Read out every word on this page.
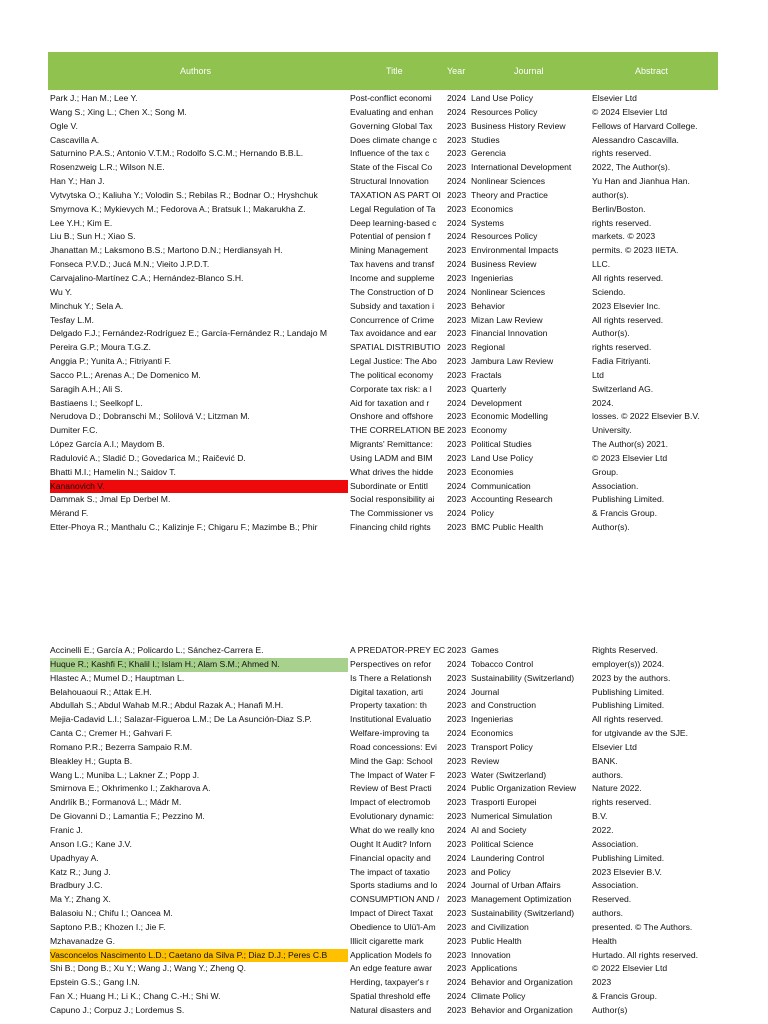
Authors	Title	Year	Journal	Abstract
Park J.; Han M.; Lee Y.	Post-conflict economi	2024 Land Use Policy	Elsevier Ltd
Wang S.; Xing L.; Chen X.; Song M.	Evaluating and enhan	2024 Resources Policy	© 2024 Elsevier Ltd
Ogle V.	Governing Global Tax	2023 Business History Review	Fellows of Harvard College.
Cascavilla A.	Does climate change c	2023 Studies	Alessandro Cascavilla.
Saturnino P.A.S.; Antonio V.T.M.; Rodolfo S.C.M.; Hernando B.B.L.	Influence of the tax c	2023 Gerencia	rights reserved.
Rosenzweig L.R.; Wilson N.E.	State of the Fiscal Co	2023 International Development	2022, The Author(s).
Han Y.; Han J.	Structural Innovation	2024 Nonlinear Sciences	Yu Han and Jianhua Han.
Vytvytska O.; Kaliuha Y.; Volodin S.; Rebilas R.; Bodnar O.; Hryshchuk	TAXATION AS PART OI 2023 Theory and Practice	author(s).
Smyrnova K.; Mykievych M.; Fedorova A.; Bratsuk I.; Makarukha Z.	Legal Regulation of Ta	2023 Economics	Berlin/Boston.
Lee Y.H.; Kim E.	Deep learning-based c	2024 Systems	rights reserved.
Liu B.; Sun H.; Xiao S.	Potential of pension f	2024 Resources Policy	markets. © 2023
Jhanattan M.; Laksmono B.S.; Martono D.N.; Herdiansyah H.	Mining Management	2023 Environmental Impacts	permits. © 2023 IIETA.
Fonseca P.V.D.; Jucá M.N.; Vieito J.P.D.T.	Tax havens and transf	2024 Business Review	LLC.
Carvajalino-Martínez C.A.; Hernández-Blanco S.H.	Income and suppleme	2023 Ingenierias	All rights reserved.
Wu Y.	The Construction of D	2024 Nonlinear Sciences	Sciendo.
Minchuk Y.; Sela A.	Subsidy and taxation i	2023 Behavior	2023 Elsevier Inc.
Tesfay L.M.	Concurrence of Crime	2023 Mizan Law Review	All rights reserved.
Delgado F.J.; Fernández-Rodríguez E.; García-Fernández R.; Landajo M	Tax avoidance and ear	2023 Financial Innovation	Author(s).
Pereira G.P.; Moura T.G.Z.	SPATIAL DISTRIBUTIO 2023 Regional	rights reserved.
Anggia P.; Yunita A.; Fitriyanti F.	Legal Justice: The Abo	2023 Jambura Law Review	Fadia Fitriyanti.
Sacco P.L.; Arenas A.; De Domenico M.	The political economy	2023 Fractals	Ltd
Saragih A.H.; Ali S.	Corporate tax risk: a l	2023 Quarterly	Switzerland AG.
Bastiaens I.; Seelkopf L.	Aid for taxation and r	2024 Development	2024.
Nerudova D.; Dobranschi M.; Solilová V.; Litzman M.	Onshore and offshore	2023 Economic Modelling	losses. © 2022 Elsevier B.V.
Dumiter F.C.	THE CORRELATION BE 2023 Economy	University.
López García A.I.; Maydom B.	Migrants' Remittance:	2023 Political Studies	The Author(s) 2021.
Radulović A.; Sladić D.; Govedarica M.; Raičević D.	Using LADM and BIM	2023 Land Use Policy	© 2023 Elsevier Ltd
Bhatti M.I.; Hamelin N.; Saidov T.	What drives the hidde	2023 Economies	Group.
Kananovich V.	Subordinate or Entitl	2024 Communication	Association.
Dammak S.; Jmal Ep Derbel M.	Social responsibility ai	2023 Accounting Research	Publishing Limited.
Mérand F.	The Commissioner vs	2024 Policy	& Francis Group.
Etter-Phoya R.; Manthalu C.; Kalizinje F.; Chigaru F.; Mazimbe B.; Phir	Financing child rights	2023 BMC Public Health	Author(s).
Accinelli E.; García A.; Policardo L.; Sánchez-Carrera E.	A PREDATOR-PREY EC 2023 Games	Rights Reserved.
Huque R.; Kashfi F.; Khalil I.; Islam H.; Alam S.M.; Ahmed N.	Perspectives on refor	2024 Tobacco Control	employer(s)) 2024.
Hlastec A.; Mumel D.; Hauptman L.	Is There a Relationsh	2023 Sustainability (Switzerland)	2023 by the authors.
Belahouaoui R.; Attak E.H.	Digital taxation, arti	2024 Journal	Publishing Limited.
Abdullah S.; Abdul Wahab M.R.; Abdul Razak A.; Hanafi M.H.	Property taxation: th	2023 and Construction	Publishing Limited.
Mejia-Cadavid L.I.; Salazar-Figueroa L.M.; De La Asunción-Diaz S.P.	Institutional Evaluatio	2023 Ingenierias	All rights reserved.
Canta C.; Cremer H.; Gahvari F.	Welfare-improving ta	2024 Economics	for utgivande av the SJE.
Romano P.R.; Bezerra Sampaio R.M.	Road concessions: Evi	2023 Transport Policy	Elsevier Ltd
Bleakley H.; Gupta B.	Mind the Gap: School	2023 Review	BANK.
Wang L.; Muniba L.; Lakner Z.; Popp J.	The Impact of Water F	2023 Water (Switzerland)	authors.
Smirnova E.; Okhrimenko I.; Zakharova A.	Review of Best Practi	2024 Public Organization Review	Nature 2022.
Andrlík B.; Formanová L.; Mádr M.	Impact of electromob	2023 Trasporti Europei	rights reserved.
De Giovanni D.; Lamantia F.; Pezzino M.	Evolutionary dynamic:	2023 Numerical Simulation	B.V.
Franic J.	What do we really kno	2024 AI and Society	2022.
Anson I.G.; Kane J.V.	Ought It Audit? Inforn	2023 Political Science	Association.
Upadhyay A.	Financial opacity and	2024 Laundering Control	Publishing Limited.
Katz R.; Jung J.	The impact of taxatio	2023 and Policy	2023 Elsevier B.V.
Bradbury J.C.	Sports stadiums and lo	2024 Journal of Urban Affairs	Association.
Ma Y.; Zhang X.	CONSUMPTION AND / 2023 Management Optimization	Reserved.
Balasoiu N.; Chifu I.; Oancea M.	Impact of Direct Taxat	2023 Sustainability (Switzerland)	authors.
Saptono P.B.; Khozen I.; Jie F.	Obedience to Ulü'l-Am	2023 and Civilization	presented. © The Authors.
Mzhavanadze G.	Illicit cigarette mark	2023 Public Health	Health
Vasconcelos Nascimento L.D.; Caetano da Silva P.; Diaz D.J.; Peres C.B	Application Models fo	2023 Innovation	Hurtado. All rights reserved.
Shi B.; Dong B.; Xu Y.; Wang J.; Wang Y.; Zheng Q.	An edge feature awar	2023 Applications	© 2022 Elsevier Ltd
Epstein G.S.; Gang I.N.	Herding, taxpayer's r	2024 Behavior and Organization	2023
Fan X.; Huang H.; Li K.; Chang C.-H.; Shi W.	Spatial threshold effe	2024 Climate Policy	& Francis Group.
Capuno J.; Corpuz J.; Lordemus S.	Natural disasters and	2023 Behavior and Organization	Author(s)
